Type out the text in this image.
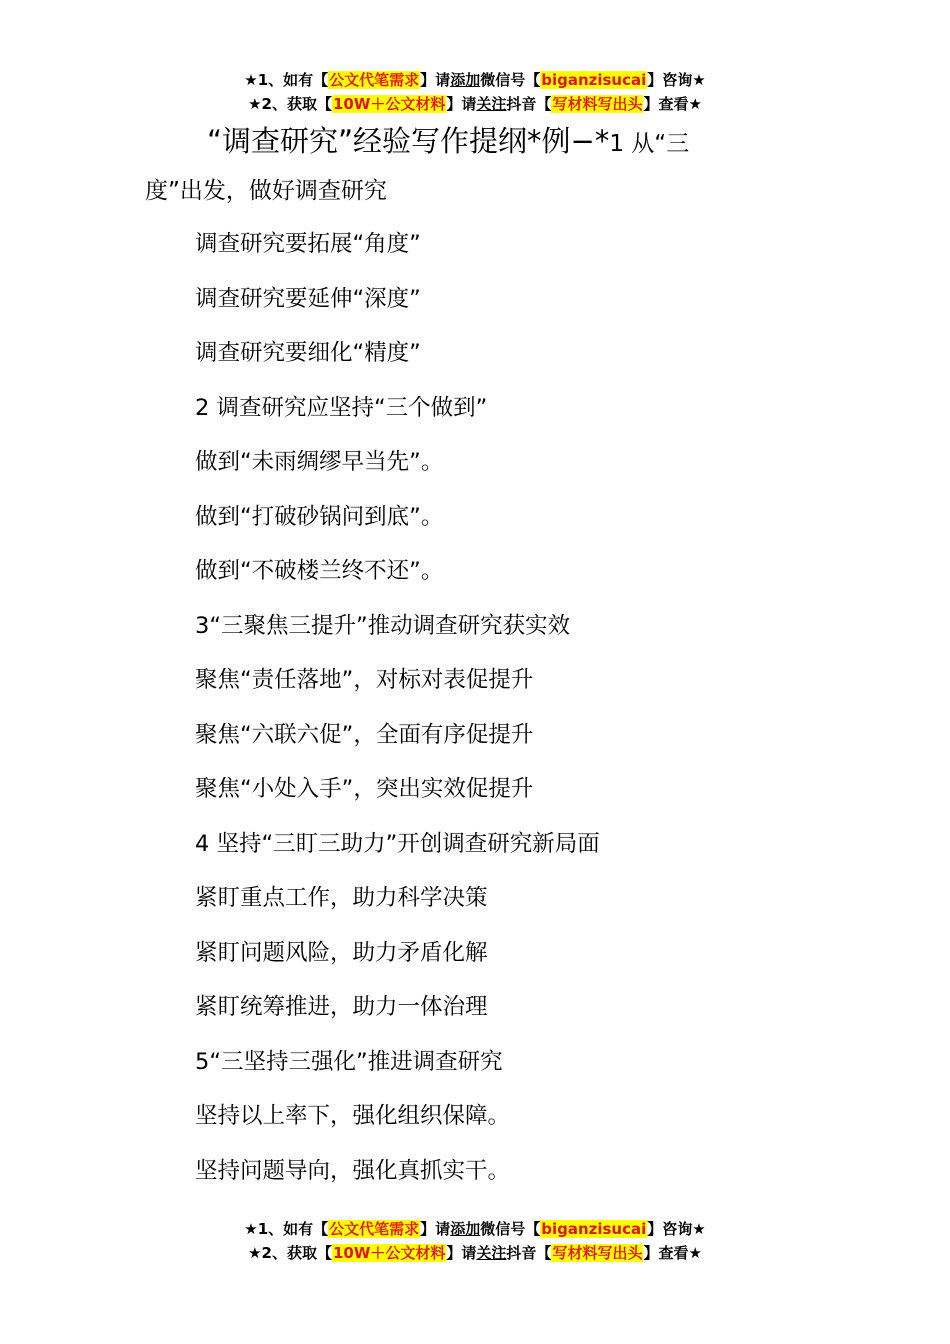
★1、如有【公文代笔需求】请添加微信号【biganzisucai】咨询★
★2、获取【10W＋公文材料】请关注抖音【写材料写出头】查看★
“调查研究”经验写作提纲*例−*1 从“三
度”出发，做好调查研究
调查研究要拓展“角度”
调查研究要延伸“深度”
调查研究要细化“精度”
2 调查研究应坚持“三个做到”
做到“未雨绸缪早当先”。
做到“打破砂锅问到底”。
做到“不破楼兰终不还”。
3“三聚焦三提升”推动调查研究获实效
聚焦“责任落地”，对标对表促提升
聚焦“六联六促”，全面有序促提升
聚焦“小处入手”，突出实效促提升
4 坚持“三盯三助力”开创调查研究新局面
紧盯重点工作，助力科学决策
紧盯问题风险，助力矛盾化解
紧盯统筹推进，助力一体治理
5“三坚持三强化”推进调查研究
坚持以上率下，强化组织保障。
坚持问题导向，强化真抓实干。
★1、如有【公文代笔需求】请添加微信号【biganzisucai】咨询★
★2、获取【10W＋公文材料】请关注抖音【写材料写出头】查看★
